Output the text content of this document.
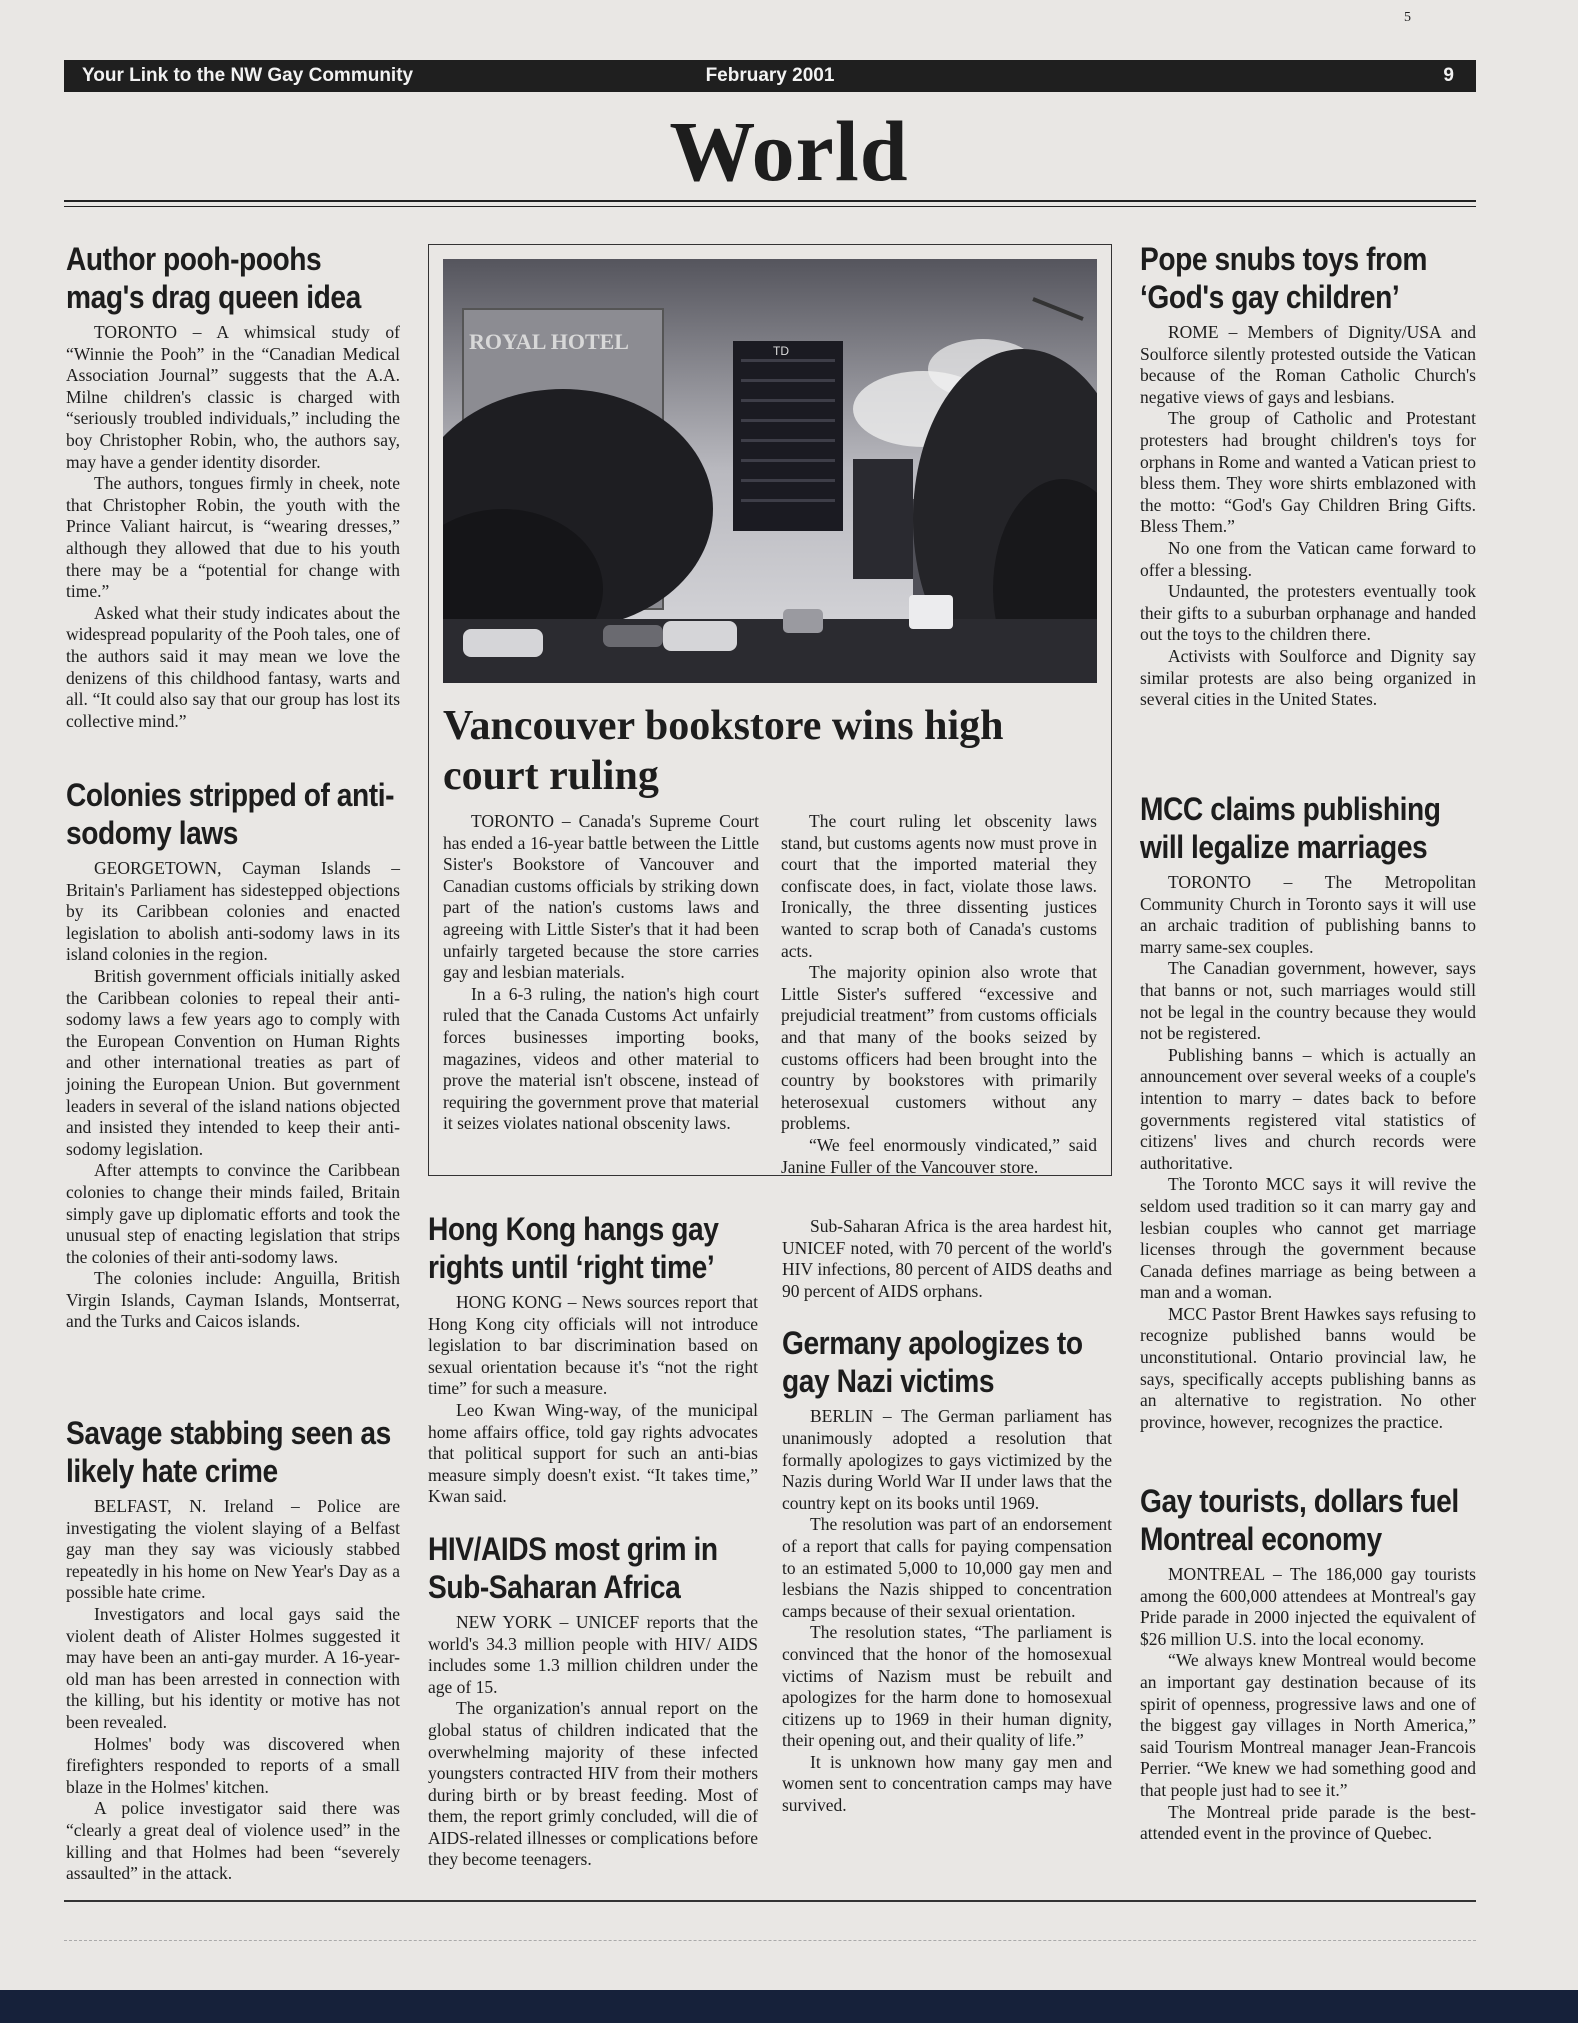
5
Your Link to the NW Gay Community	February 2001	9
World
Author pooh-poohs mag's drag queen idea

TORONTO – A whimsical study of “Winnie the Pooh” in the “Canadian Medical Association Journal” suggests that the A.A. Milne children's classic is charged with “seriously troubled individuals,” including the boy Christopher Robin, who, the authors say, may have a gender identity disorder.

The authors, tongues firmly in cheek, note that Christopher Robin, the youth with the Prince Valiant haircut, is “wearing dresses,” although they allowed that due to his youth there may be a “potential for change with time.”

Asked what their study indicates about the widespread popularity of the Pooh tales, one of the authors said it may mean we love the denizens of this childhood fantasy, warts and all. “It could also say that our group has lost its collective mind.”

Colonies stripped of anti-sodomy laws

GEORGETOWN, Cayman Islands – Britain's Parliament has sidestepped objections by its Caribbean colonies and enacted legislation to abolish anti-sodomy laws in its island colonies in the region.

British government officials initially asked the Caribbean colonies to repeal their anti-sodomy laws a few years ago to comply with the European Convention on Human Rights and other international treaties as part of joining the European Union. But government leaders in several of the island nations objected and insisted they intended to keep their anti- sodomy legislation.

After attempts to convince the Caribbean colonies to change their minds failed, Britain simply gave up diplomatic efforts and took the unusual step of enacting legislation that strips the colonies of their anti-sodomy laws.

The colonies include: Anguilla, British Virgin Islands, Cayman Islands, Montserrat, and the Turks and Caicos islands.

Savage stabbing seen as likely hate crime

BELFAST, N. Ireland – Police are investigating the violent slaying of a Belfast gay man they say was viciously stabbed repeatedly in his home on New Year's Day as a possible hate crime.

Investigators and local gays said the violent death of Alister Holmes suggested it may have been an anti-gay murder. A 16-year-old man has been arrested in connection with the killing, but his identity or motive has not been revealed.

Holmes' body was discovered when firefighters responded to reports of a small blaze in the Holmes' kitchen.

A police investigator said there was “clearly a great deal of violence used” in the killing and that Holmes had been “severely assaulted” in the attack.

ROYAL HOTEL	TD
Vancouver bookstore wins high court ruling

TORONTO – Canada's Supreme Court has ended a 16-year battle between the Little Sister's Bookstore of Vancouver and Canadian customs officials by striking down part of the nation's customs laws and agreeing with Little Sister's that it had been unfairly targeted because the store carries gay and lesbian materials.

In a 6-3 ruling, the nation's high court ruled that the Canada Customs Act unfairly forces businesses importing books, magazines, videos and other material to prove the material isn't obscene, instead of requiring the government prove that material it seizes violates national obscenity laws.

The court ruling let obscenity laws stand, but customs agents now must prove in court that the imported material they confiscate does, in fact, violate those laws. Ironically, the three dissenting justices wanted to scrap both of Canada's customs acts.

The majority opinion also wrote that Little Sister's suffered “excessive and prejudicial treatment” from customs officials and that many of the books seized by customs officers had been brought into the country by bookstores with primarily heterosexual customers without any problems.

“We feel enormously vindicated,” said Janine Fuller of the Vancouver store.

Hong Kong hangs gay rights until ‘right time’

HONG KONG – News sources report that Hong Kong city officials will not introduce legislation to bar discrimination based on sexual orientation because it's “not the right time” for such a measure.

Leo Kwan Wing-way, of the municipal home affairs office, told gay rights advocates that political support for such an anti-bias measure simply doesn't exist. “It takes time,” Kwan said.

HIV/AIDS most grim in Sub-Saharan Africa

NEW YORK – UNICEF reports that the world's 34.3 million people with HIV/ AIDS includes some 1.3 million children under the age of 15.

The organization's annual report on the global status of children indicated that the overwhelming majority of these infected youngsters contracted HIV from their mothers during birth or by breast feeding. Most of them, the report grimly concluded, will die of AIDS-related illnesses or complications before they become teenagers.

Sub-Saharan Africa is the area hardest hit, UNICEF noted, with 70 percent of the world's HIV infections, 80 percent of AIDS deaths and 90 percent of AIDS orphans.

Germany apologizes to gay Nazi victims

BERLIN – The German parliament has unanimously adopted a resolution that formally apologizes to gays victimized by the Nazis during World War II under laws that the country kept on its books until 1969.

The resolution was part of an endorsement of a report that calls for paying compensation to an estimated 5,000 to 10,000 gay men and lesbians the Nazis shipped to concentration camps because of their sexual orientation.

The resolution states, “The parliament is convinced that the honor of the homosexual victims of Nazism must be rebuilt and apologizes for the harm done to homosexual citizens up to 1969 in their human dignity, their opening out, and their quality of life.”

It is unknown how many gay men and women sent to concentration camps may have survived.

Pope snubs toys from ‘God's gay children’

ROME – Members of Dignity/USA and Soulforce silently protested outside the Vatican because of the Roman Catholic Church's negative views of gays and lesbians.

The group of Catholic and Protestant protesters had brought children's toys for orphans in Rome and wanted a Vatican priest to bless them. They wore shirts emblazoned with the motto: “God's Gay Children Bring Gifts. Bless Them.”

No one from the Vatican came forward to offer a blessing.

Undaunted, the protesters eventually took their gifts to a suburban orphanage and handed out the toys to the children there.

Activists with Soulforce and Dignity say similar protests are also being organized in several cities in the United States.

MCC claims publishing will legalize marriages

TORONTO – The Metropolitan Community Church in Toronto says it will use an archaic tradition of publishing banns to marry same-sex couples.

The Canadian government, however, says that banns or not, such marriages would still not be legal in the country because they would not be registered.

Publishing banns – which is actually an announcement over several weeks of a couple's intention to marry – dates back to before governments registered vital statistics of citizens' lives and church records were authoritative.

The Toronto MCC says it will revive the seldom used tradition so it can marry gay and lesbian couples who cannot get marriage licenses through the government because Canada defines marriage as being between a man and a woman.

MCC Pastor Brent Hawkes says refusing to recognize published banns would be unconstitutional. Ontario provincial law, he says, specifically accepts publishing banns as an alternative to registration. No other province, however, recognizes the practice.

Gay tourists, dollars fuel Montreal economy

MONTREAL – The 186,000 gay tourists among the 600,000 attendees at Montreal's gay Pride parade in 2000 injected the equivalent of $26 million U.S. into the local economy.

“We always knew Montreal would become an important gay destination because of its spirit of openness, progressive laws and one of the biggest gay villages in North America,” said Tourism Montreal manager Jean-Francois Perrier. “We knew we had something good and that people just had to see it.”

The Montreal pride parade is the best-attended event in the province of Quebec.
